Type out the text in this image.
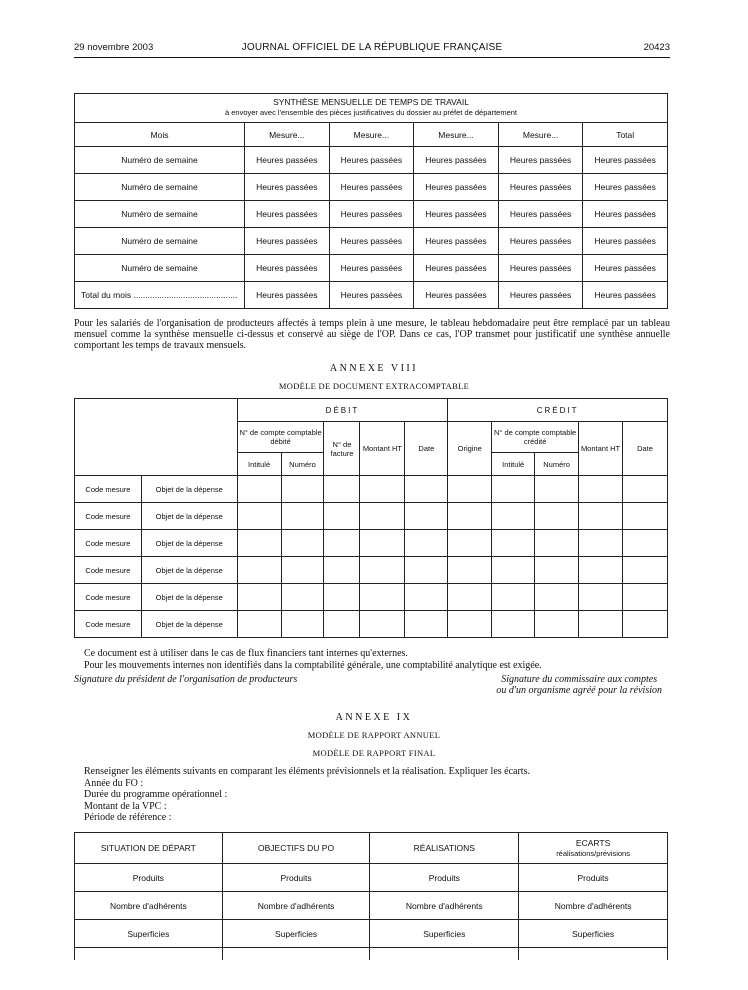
29 novembre 2003	JOURNAL OFFICIEL DE LA RÉPUBLIQUE FRANÇAISE	20423
SYNTHÈSE MENSUELLE DE TEMPS DE TRAVAIL
à envoyer avec l'ensemble des pièces justificatives du dossier au préfet de département					
Mois	Mesure...	Mesure...	Mesure...	Mesure...	Total
Numéro de semaine	Heures passées	Heures passées	Heures passées	Heures passées	Heures passées
Numéro de semaine	Heures passées	Heures passées	Heures passées	Heures passées	Heures passées
Numéro de semaine	Heures passées	Heures passées	Heures passées	Heures passées	Heures passées
Numéro de semaine	Heures passées	Heures passées	Heures passées	Heures passées	Heures passées
Numéro de semaine	Heures passées	Heures passées	Heures passées	Heures passées	Heures passées
Total du mois ............................................	Heures passées	Heures passées	Heures passées	Heures passées	Heures passées
Pour les salariés de l'organisation de producteurs affectés à temps plein à une mesure, le tableau hebdomadaire peut être remplacé par un tableau mensuel comme la synthèse mensuelle ci-dessus et conservé au siège de l'OP. Dans ce cas, l'OP transmet pour justificatif une synthèse annuelle comportant les temps de travaux mensuels.
ANNEXE VIII
MODÈLE DE DOCUMENT EXTRACOMPTABLE
		DÉBIT					CRÉDIT				
		N° de compte comptable débité		N° de facture	Montant HT	Date	Origine	N° de compte comptable crédité		Montant HT	Date
		Intitulé	Numéro					Intitulé	Numéro		
Code mesure	Objet de la dépense										
Code mesure	Objet de la dépense										
Code mesure	Objet de la dépense										
Code mesure	Objet de la dépense										
Code mesure	Objet de la dépense										
Code mesure	Objet de la dépense										
Ce document est à utiliser dans le cas de flux financiers tant internes qu'externes.
Pour les mouvements internes non identifiés dans la comptabilité générale, une comptabilité analytique est exigée.
Signature du président de l'organisation de producteurs	Signature du commissaire aux comptes
ou d'un organisme agréé pour la révision
ANNEXE IX
MODÈLE DE RAPPORT ANNUEL
MODÈLE DE RAPPORT FINAL
Renseigner les éléments suivants en comparant les éléments prévisionnels et la réalisation. Expliquer les écarts.
Année du FO :
Durée du programme opérationnel :
Montant de la VPC :
Période de référence :
SITUATION DE DÉPART	OBJECTIFS DU PO	RÉALISATIONS	ECARTS
réalisations/prévisions
Produits	Produits	Produits	Produits
Nombre d'adhérents	Nombre d'adhérents	Nombre d'adhérents	Nombre d'adhérents
Superficies	Superficies	Superficies	Superficies
